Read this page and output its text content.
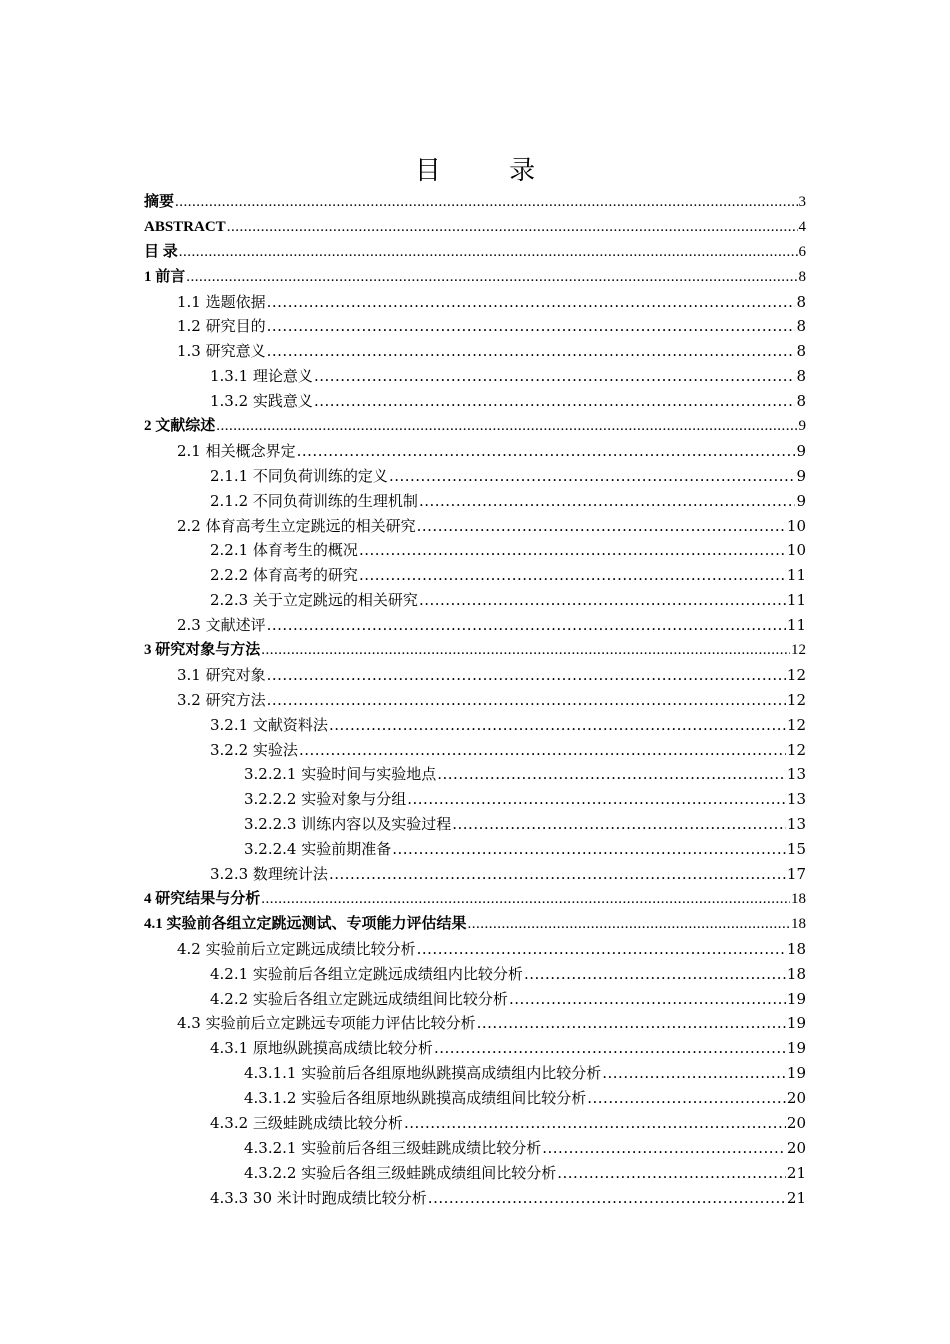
目 录
摘要 .....	3
ABSTRACT .....	4
目 录 .....	6
1 前言 .....	8
1.1 选题依据 .....	8
1.2 研究目的 .....	8
1.3 研究意义 .....	8
1.3.1 理论意义 .....	8
1.3.2 实践意义 .....	8
2 文献综述 .....	9
2.1 相关概念界定 .....	9
2.1.1 不同负荷训练的定义 .....	9
2.1.2 不同负荷训练的生理机制 .....	9
2.2 体育高考生立定跳远的相关研究 .....	10
2.2.1 体育考生的概况 .....	10
2.2.2 体育高考的研究 .....	11
2.2.3 关于立定跳远的相关研究 .....	11
2.3 文献述评 .....	11
3 研究对象与方法 .....	12
3.1 研究对象 .....	12
3.2 研究方法 .....	12
3.2.1 文献资料法 .....	12
3.2.2 实验法 .....	12
3.2.2.1 实验时间与实验地点 .....	13
3.2.2.2 实验对象与分组 .....	13
3.2.2.3 训练内容以及实验过程 .....	13
3.2.2.4 实验前期准备 .....	15
3.2.3 数理统计法 .....	17
4 研究结果与分析 .....	18
4.1 实验前各组立定跳远测试、专项能力评估结果 .....	18
4.2 实验前后立定跳远成绩比较分析 .....	18
4.2.1 实验前后各组立定跳远成绩组内比较分析 .....	18
4.2.2 实验后各组立定跳远成绩组间比较分析 .....	19
4.3 实验前后立定跳远专项能力评估比较分析 .....	19
4.3.1 原地纵跳摸高成绩比较分析 .....	19
4.3.1.1 实验前后各组原地纵跳摸高成绩组内比较分析 .....	19
4.3.1.2 实验后各组原地纵跳摸高成绩组间比较分析 .....	20
4.3.2 三级蛙跳成绩比较分析 .....	20
4.3.2.1 实验前后各组三级蛙跳成绩比较分析 .....	20
4.3.2.2 实验后各组三级蛙跳成绩组间比较分析 .....	21
4.3.3 30 米计时跑成绩比较分析 .....	21
